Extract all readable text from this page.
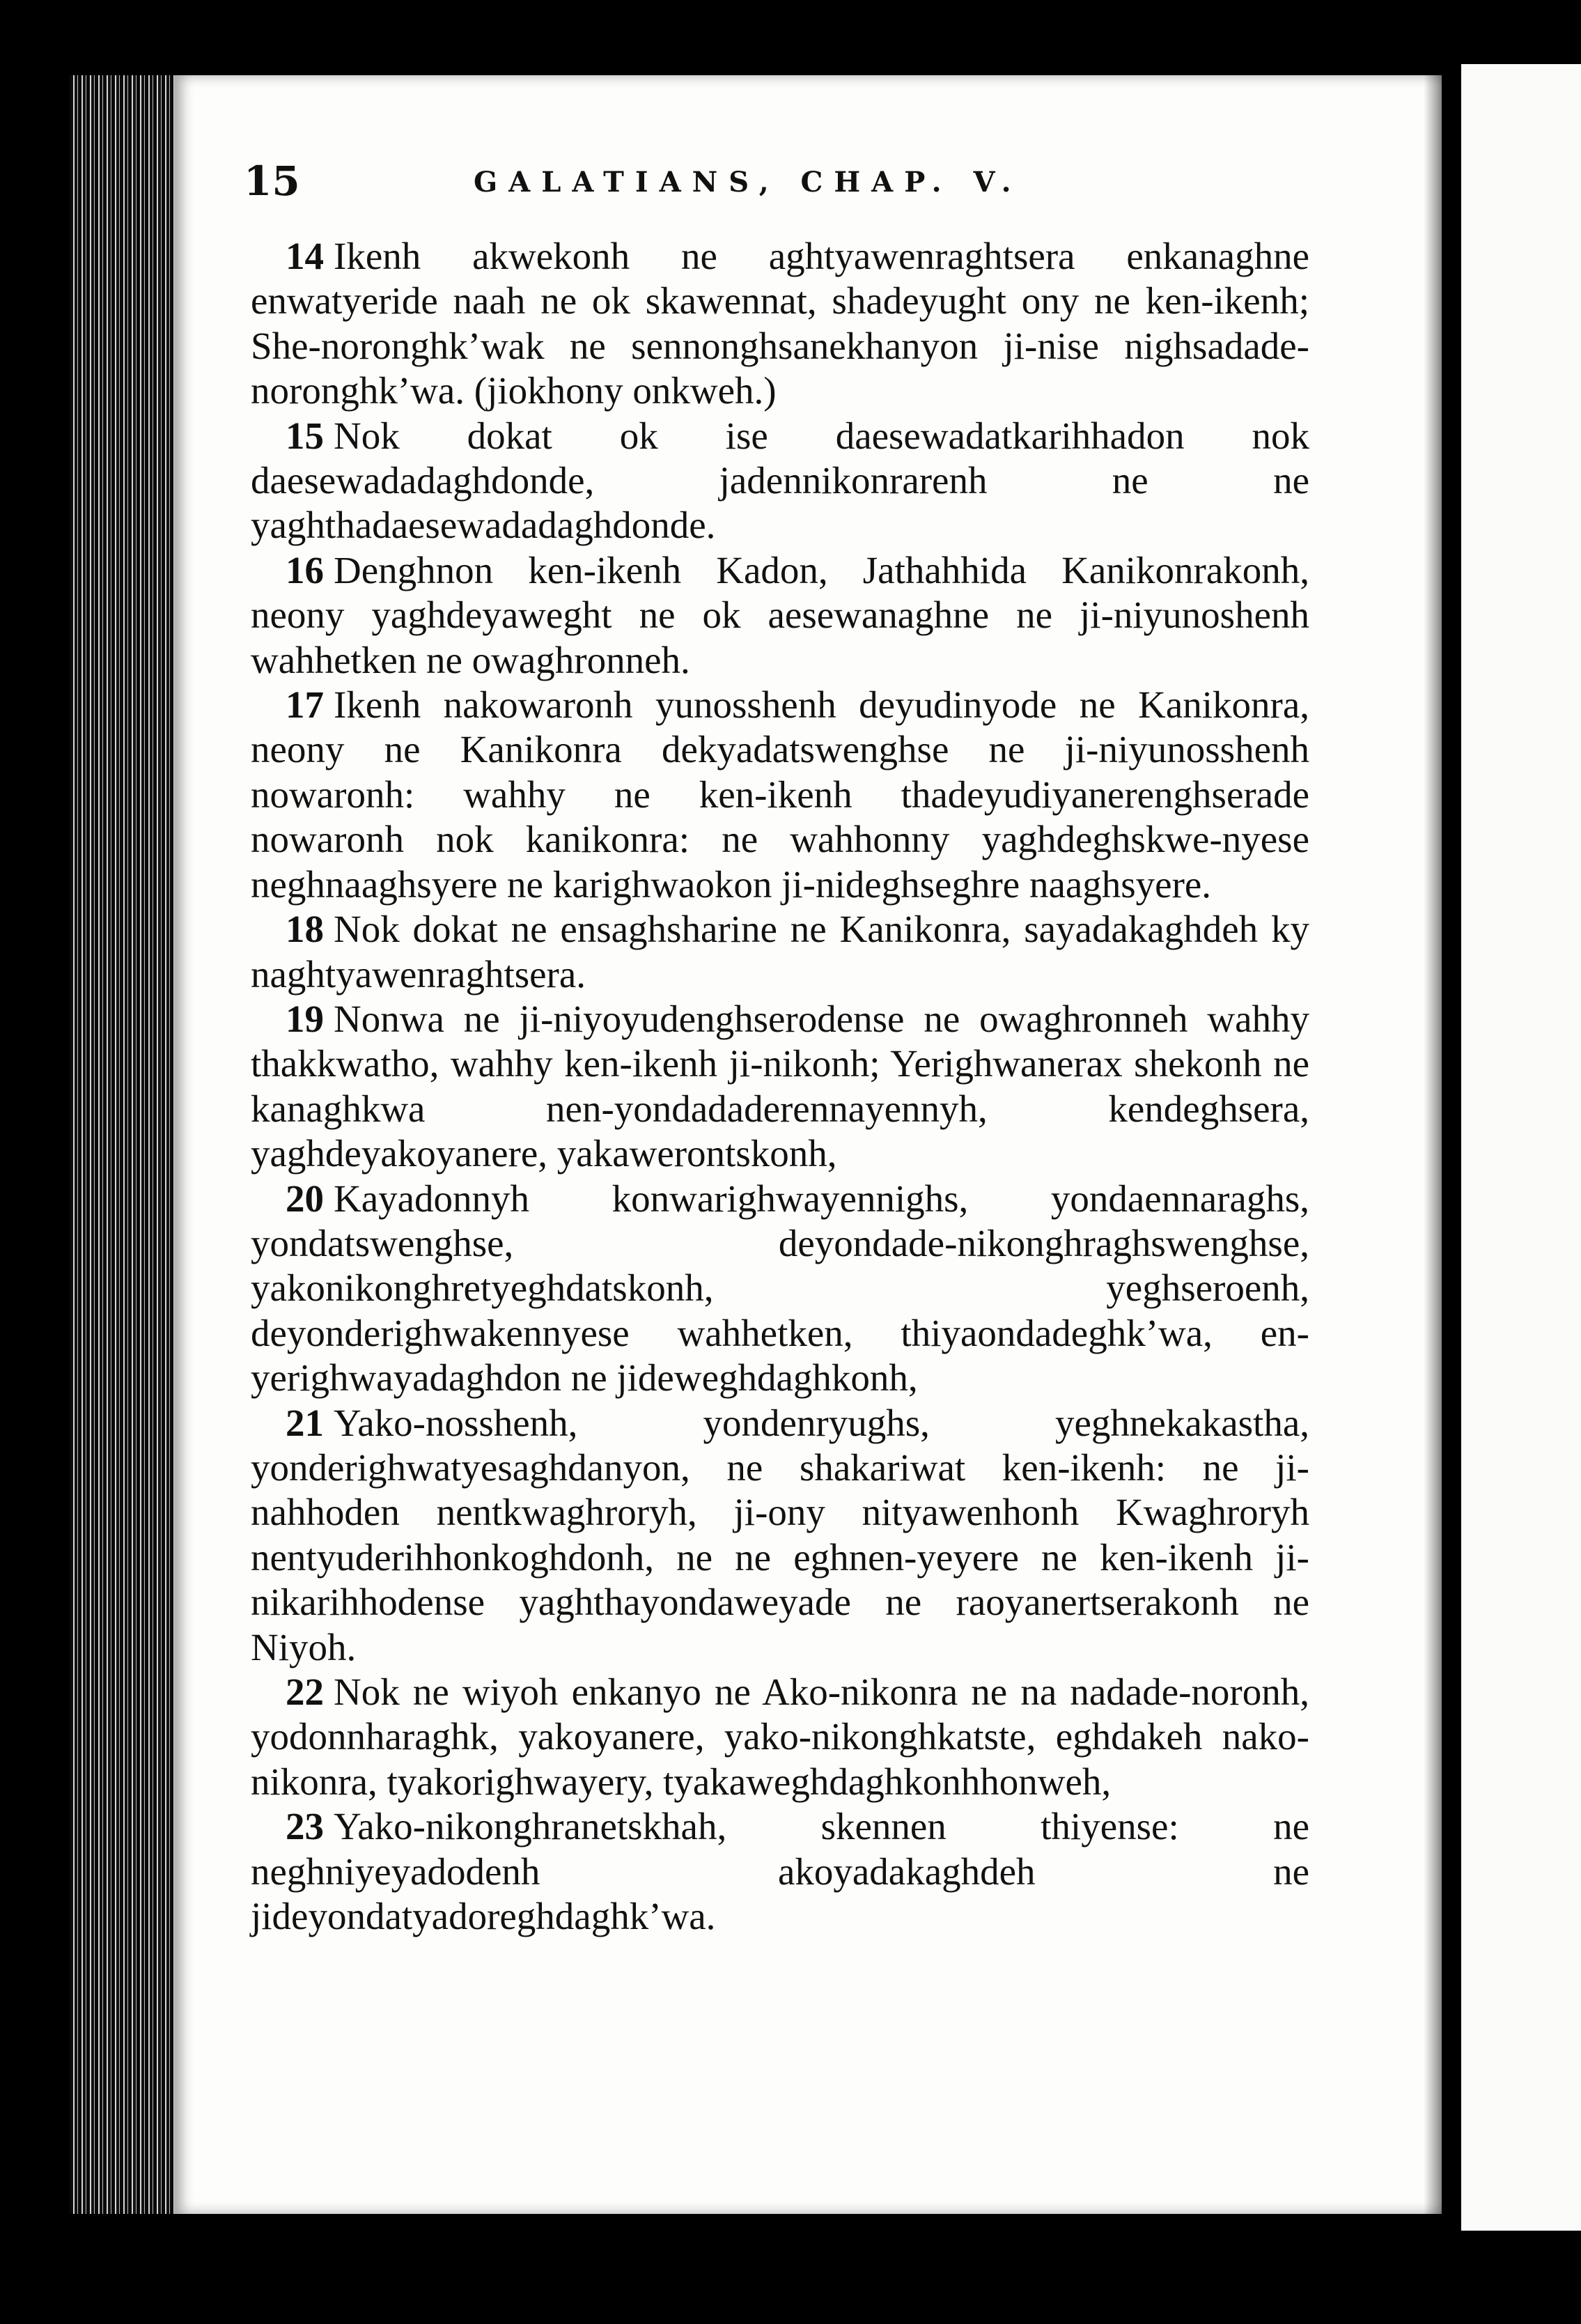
15	GALATIANS, CHAP. V.

14 Ikenh akwekonh ne aghtyawenraghtsera enkanaghne enwatyeride naah ne ok skawennat, shadeyught ony ne ken-ikenh; She-noronghk’wak ne sennonghsanekhanyon ji-nise nighsadade-noronghk’wa. (jiokhony onkweh.)

15 Nok dokat ok ise daesewadatkarihhadon nok daesewadadaghdonde, jadennikonrarenh ne ne yaghthadaesewadadaghdonde.

16 Denghnon ken-ikenh Kadon, Jathahhida Kanikonrakonh, neony yaghdeyaweght ne ok aesewanaghne ne ji-niyunoshenh wahhetken ne owaghronneh.

17 Ikenh nakowaronh yunosshenh deyudinyode ne Kanikonra, neony ne Kanikonra dekyadatswenghse ne ji-niyunosshenh nowaronh: wahhy ne ken-ikenh thadeyudiyanerenghserade nowaronh nok kanikonra: ne wahhonny yaghdeghskwe-nyese neghnaaghsyere ne karighwaokon ji-nideghseghre naaghsyere.

18 Nok dokat ne ensaghsharine ne Kanikonra, sayadakaghdeh ky naghtyawenraghtsera.

19 Nonwa ne ji-niyoyudenghserodense ne owaghronneh wahhy thakkwatho, wahhy ken-ikenh ji-nikonh; Yerighwanerax shekonh ne kanaghkwa nen-yondadaderennayennyh, kendeghsera, yaghdeyakoyanere, yakawerontskonh,

20 Kayadonnyh konwarighwayennighs, yondaennaraghs, yondatswenghse, deyondade-nikonghraghswenghse, yakonikonghretyeghdatskonh, yeghseroenh, deyonderighwakennyese wahhetken, thiyaondadeghk’wa, en-yerighwayadaghdon ne jideweghdaghkonh,

21 Yako-nosshenh, yondenryughs, yeghnekakastha, yonderighwatyesaghdanyon, ne shakariwat ken-ikenh: ne ji-nahhoden nentkwaghroryh, ji-ony nityawenhonh Kwaghroryh nentyuderihhonkoghdonh, ne ne eghnen-yeyere ne ken-ikenh ji-nikarihhodense yaghthayondaweyade ne raoyanertserakonh ne Niyoh.

22 Nok ne wiyoh enkanyo ne Ako-nikonra ne na nadade-noronh, yodonnharaghk, yakoyanere, yako-nikonghkatste, eghdakeh nako-nikonra, tyakorighwayery, tyakaweghdaghkonhhonweh,

23 Yako-nikonghranetskhah, skennen thiyense: ne neghniyeyadodenh akoyadakaghdeh ne jideyondatyadoreghdaghk’wa.
